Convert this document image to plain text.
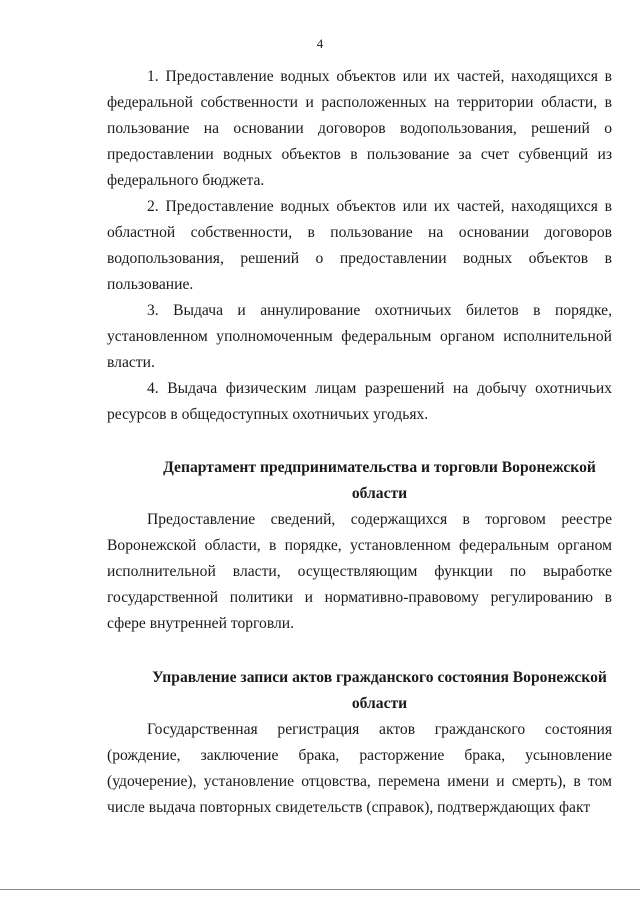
4

1. Предоставление водных объектов или их частей, находящихся в федеральной собственности и расположенных на территории области, в пользование на основании договоров водопользования, решений о предоставлении водных объектов в пользование за счет субвенций из федерального бюджета.

2. Предоставление водных объектов или их частей, находящихся в областной собственности, в пользование на основании договоров водопользования, решений о предоставлении водных объектов в пользование.

3. Выдача и аннулирование охотничьих билетов в порядке, установленном уполномоченным федеральным органом исполнительной власти.

4. Выдача физическим лицам разрешений на добычу охотничьих ресурсов в общедоступных охотничьих угодьях.

Департамент предпринимательства и торговли Воронежской области

Предоставление сведений, содержащихся в торговом реестре Воронежской области, в порядке, установленном федеральным органом исполнительной власти, осуществляющим функции по выработке государственной политики и нормативно-правовому регулированию в сфере внутренней торговли.

Управление записи актов гражданского состояния Воронежской области

Государственная регистрация актов гражданского состояния (рождение, заключение брака, расторжение брака, усыновление (удочерение), установление отцовства, перемена имени и смерть), в том числе выдача повторных свидетельств (справок), подтверждающих факт
